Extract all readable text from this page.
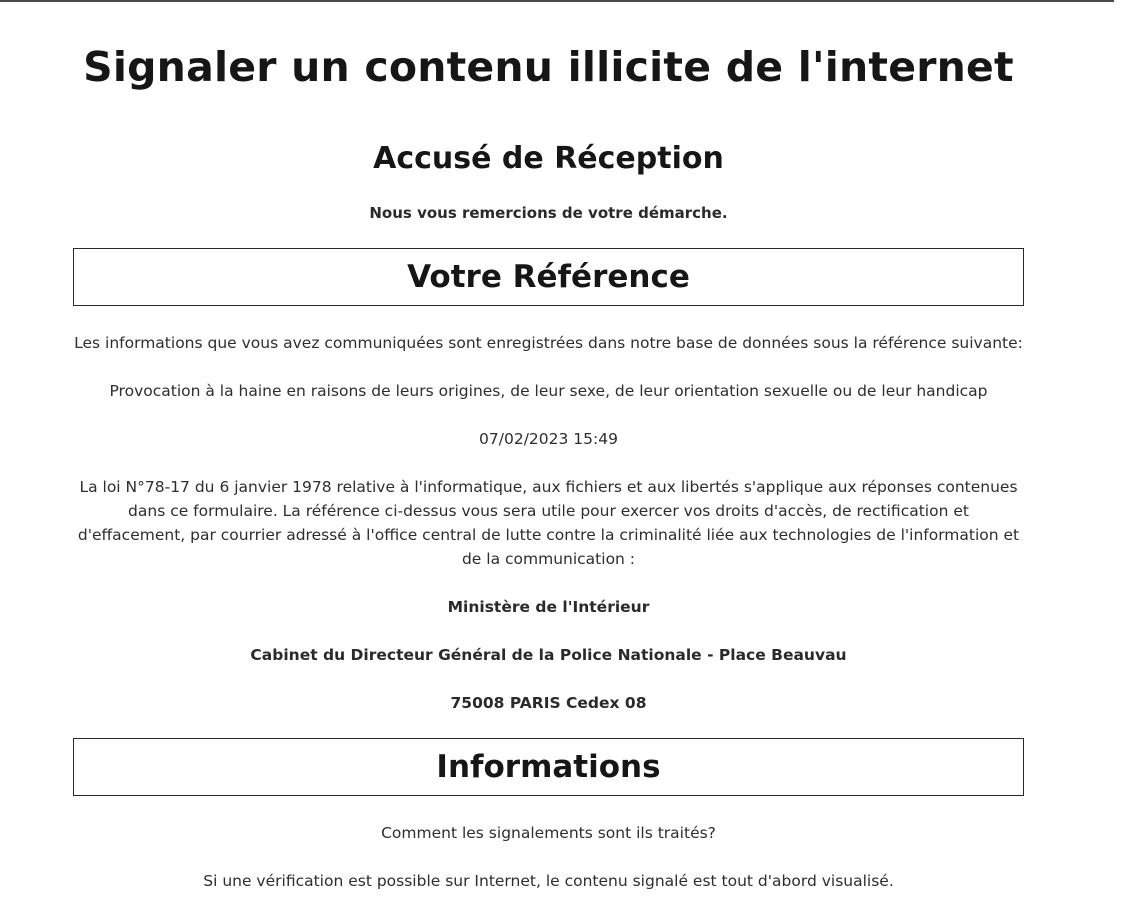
Signaler un contenu illicite de l'internet
Accusé de Réception
Nous vous remercions de votre démarche.
Votre Référence

Les informations que vous avez communiquées sont enregistrées dans notre base de données sous la référence suivante:

Provocation à la haine en raisons de leurs origines, de leur sexe, de leur orientation sexuelle ou de leur handicap

07/02/2023 15:49

La loi N°78-17 du 6 janvier 1978 relative à l'informatique, aux fichiers et aux libertés s'applique aux réponses contenues dans ce formulaire. La référence ci-dessus vous sera utile pour exercer vos droits d'accès, de rectification et d'effacement, par courrier adressé à l'office central de lutte contre la criminalité liée aux technologies de l'information et de la communication :

Ministère de l'Intérieur

Cabinet du Directeur Général de la Police Nationale - Place Beauvau

75008 PARIS Cedex 08

Informations

Comment les signalements sont ils traités?

Si une vérification est possible sur Internet, le contenu signalé est tout d'abord visualisé.
